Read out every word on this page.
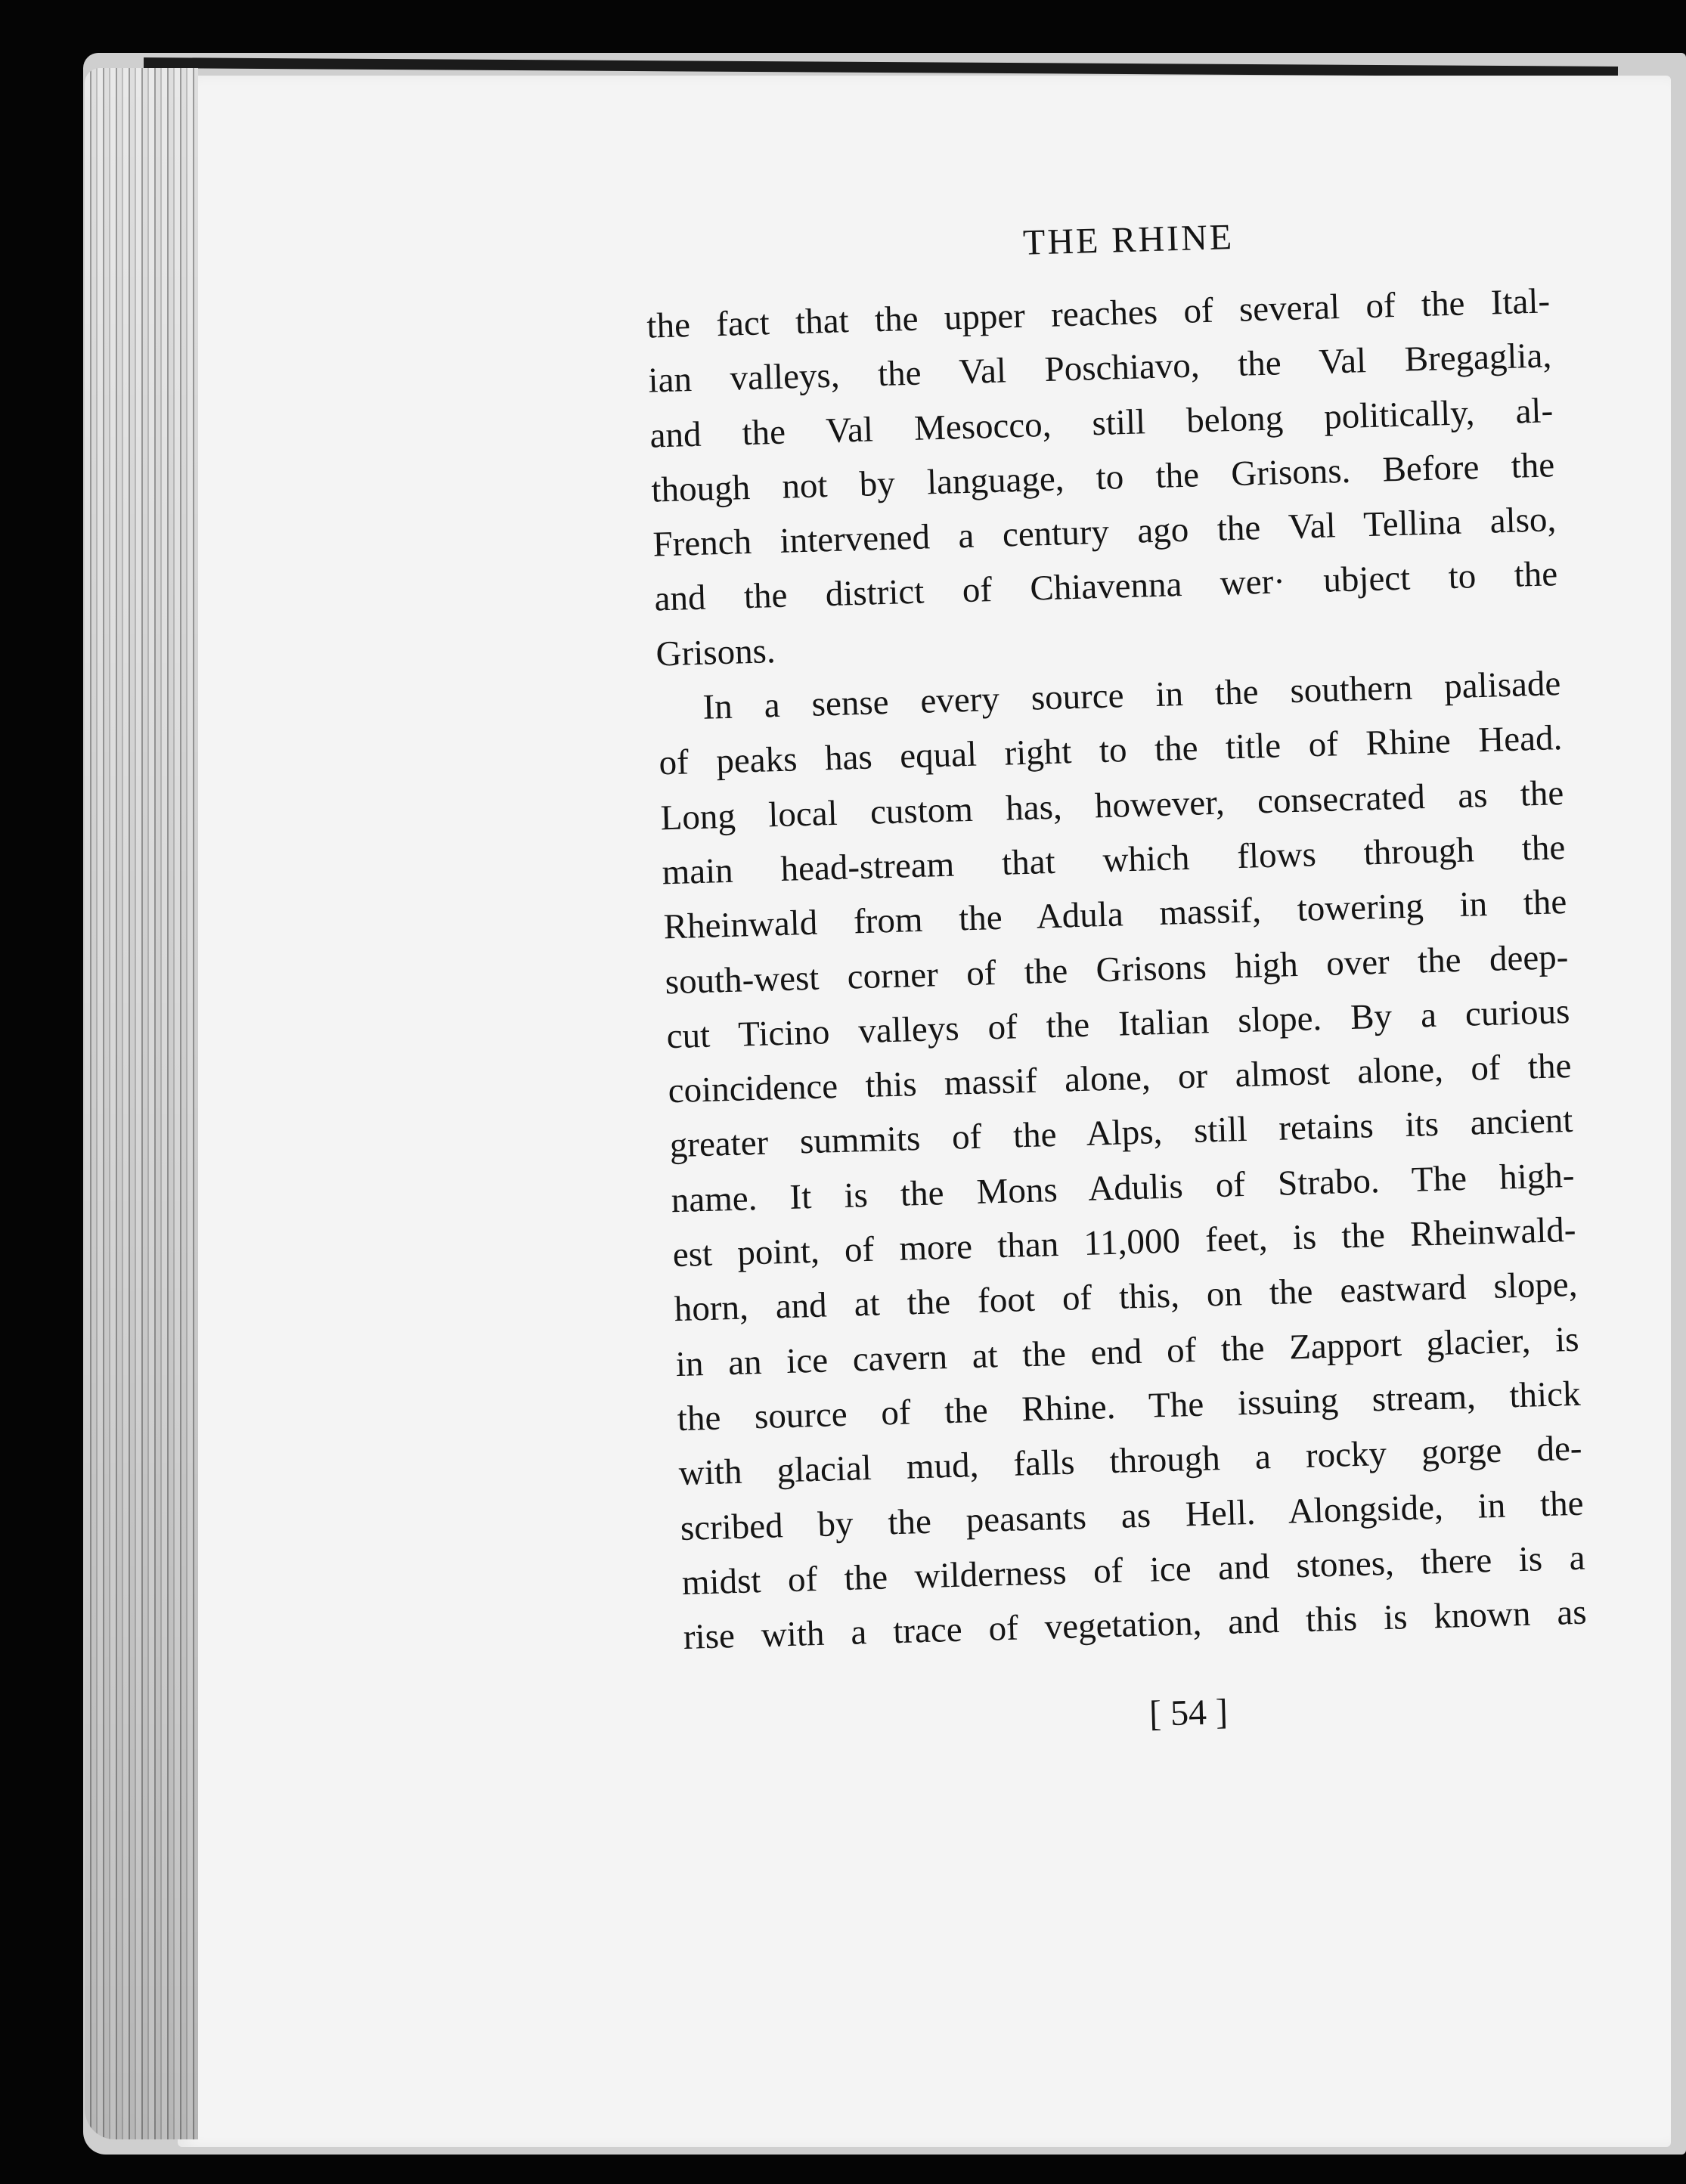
THE RHINE

the fact that the upper reaches of several of the Ital-
ian valleys, the Val Poschiavo, the Val Bregaglia,
and the Val Mesocco, still belong politically, al-
though not by language, to the Grisons. Before the
French intervened a century ago the Val Tellina also,
and the district of Chiavenna wer· ubject to the
Grisons.
In a sense every source in the southern palisade
of peaks has equal right to the title of Rhine Head.
Long local custom has, however, consecrated as the
main head-stream that which flows through the
Rheinwald from the Adula massif, towering in the
south-west corner of the Grisons high over the deep-
cut Ticino valleys of the Italian slope. By a curious
coincidence this massif alone, or almost alone, of the
greater summits of the Alps, still retains its ancient
name. It is the Mons Adulis of Strabo. The high-
est point, of more than 11,000 feet, is the Rheinwald-
horn, and at the foot of this, on the eastward slope,
in an ice cavern at the end of the Zapport glacier, is
the source of the Rhine. The issuing stream, thick
with glacial mud, falls through a rocky gorge de-
scribed by the peasants as Hell. Alongside, in the
midst of the wilderness of ice and stones, there is a
rise with a trace of vegetation, and this is known as

[ 54 ]
